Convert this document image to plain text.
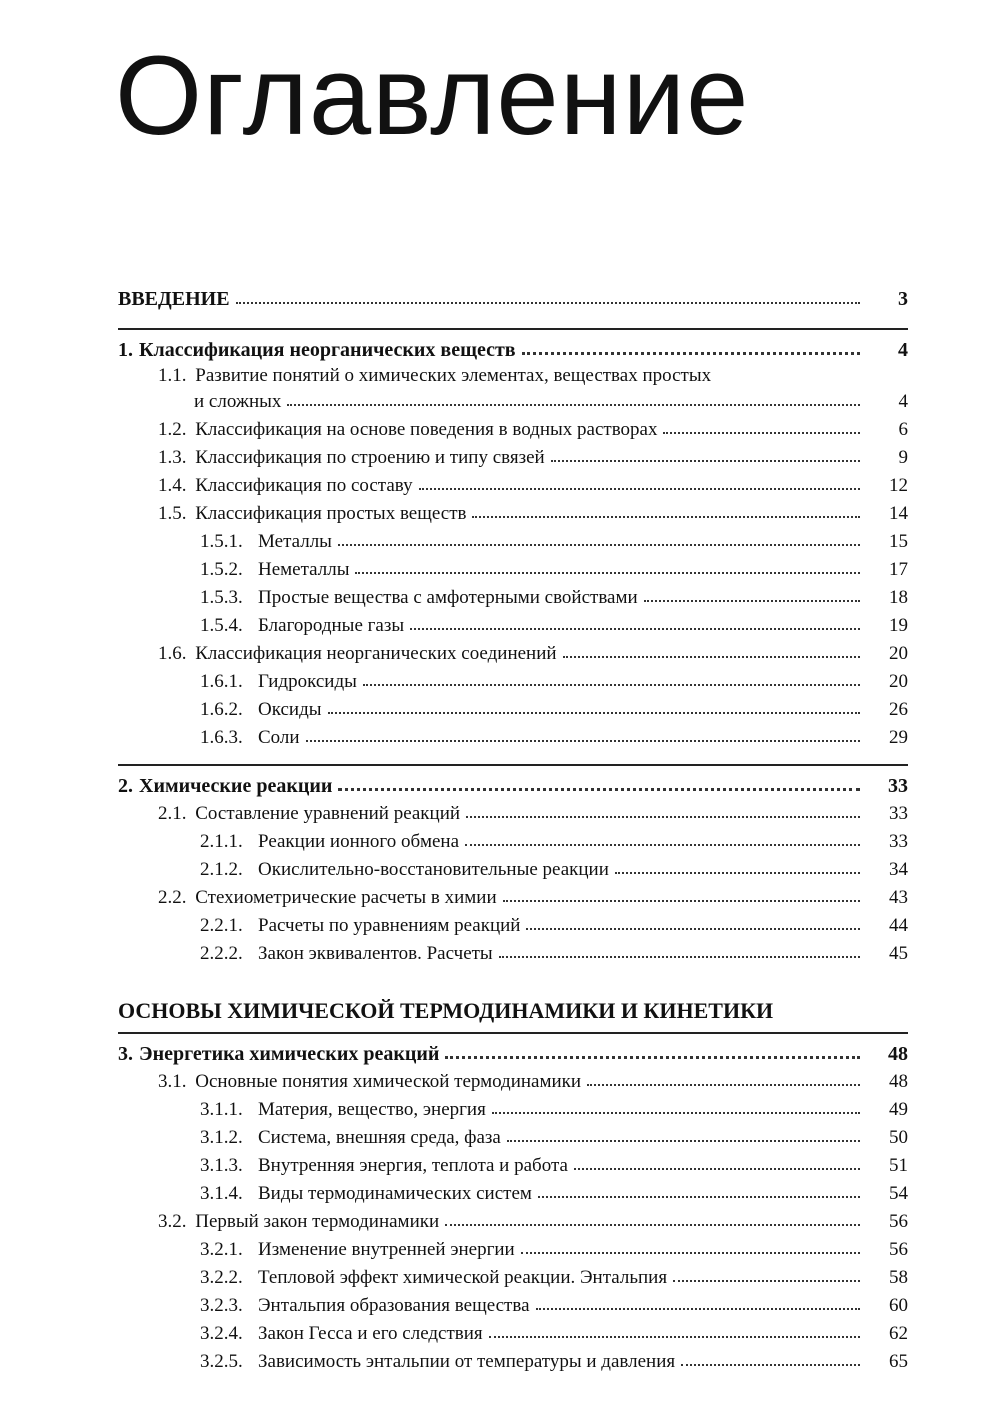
Оглавление
ВВЕДЕНИЕ	3
1. Классификация неорганических веществ	4
1.1. Развитие понятий о химических элементах, веществах простых
и сложных	4
1.2. Классификация на основе поведения в водных растворах	6
1.3. Классификация по строению и типу связей	9
1.4. Классификация по составу	12
1.5. Классификация простых веществ	14
1.5.1. Металлы	15
1.5.2. Неметаллы	17
1.5.3. Простые вещества с амфотерными свойствами	18
1.5.4. Благородные газы	19
1.6. Классификация неорганических соединений	20
1.6.1. Гидроксиды	20
1.6.2. Оксиды	26
1.6.3. Соли	29
2. Химические реакции	33
2.1. Составление уравнений реакций	33
2.1.1. Реакции ионного обмена	33
2.1.2. Окислительно-восстановительные реакции	34
2.2. Стехиометрические расчеты в химии	43
2.2.1. Расчеты по уравнениям реакций	44
2.2.2. Закон эквивалентов. Расчеты	45
ОСНОВЫ ХИМИЧЕСКОЙ ТЕРМОДИНАМИКИ И КИНЕТИКИ
3. Энергетика химических реакций	48
3.1. Основные понятия химической термодинамики	48
3.1.1. Материя, вещество, энергия	49
3.1.2. Система, внешняя среда, фаза	50
3.1.3. Внутренняя энергия, теплота и работа	51
3.1.4. Виды термодинамических систем	54
3.2. Первый закон термодинамики	56
3.2.1. Изменение внутренней энергии	56
3.2.2. Тепловой эффект химической реакции. Энтальпия	58
3.2.3. Энтальпия образования вещества	60
3.2.4. Закон Гесса и его следствия	62
3.2.5. Зависимость энтальпии от температуры и давления	65
